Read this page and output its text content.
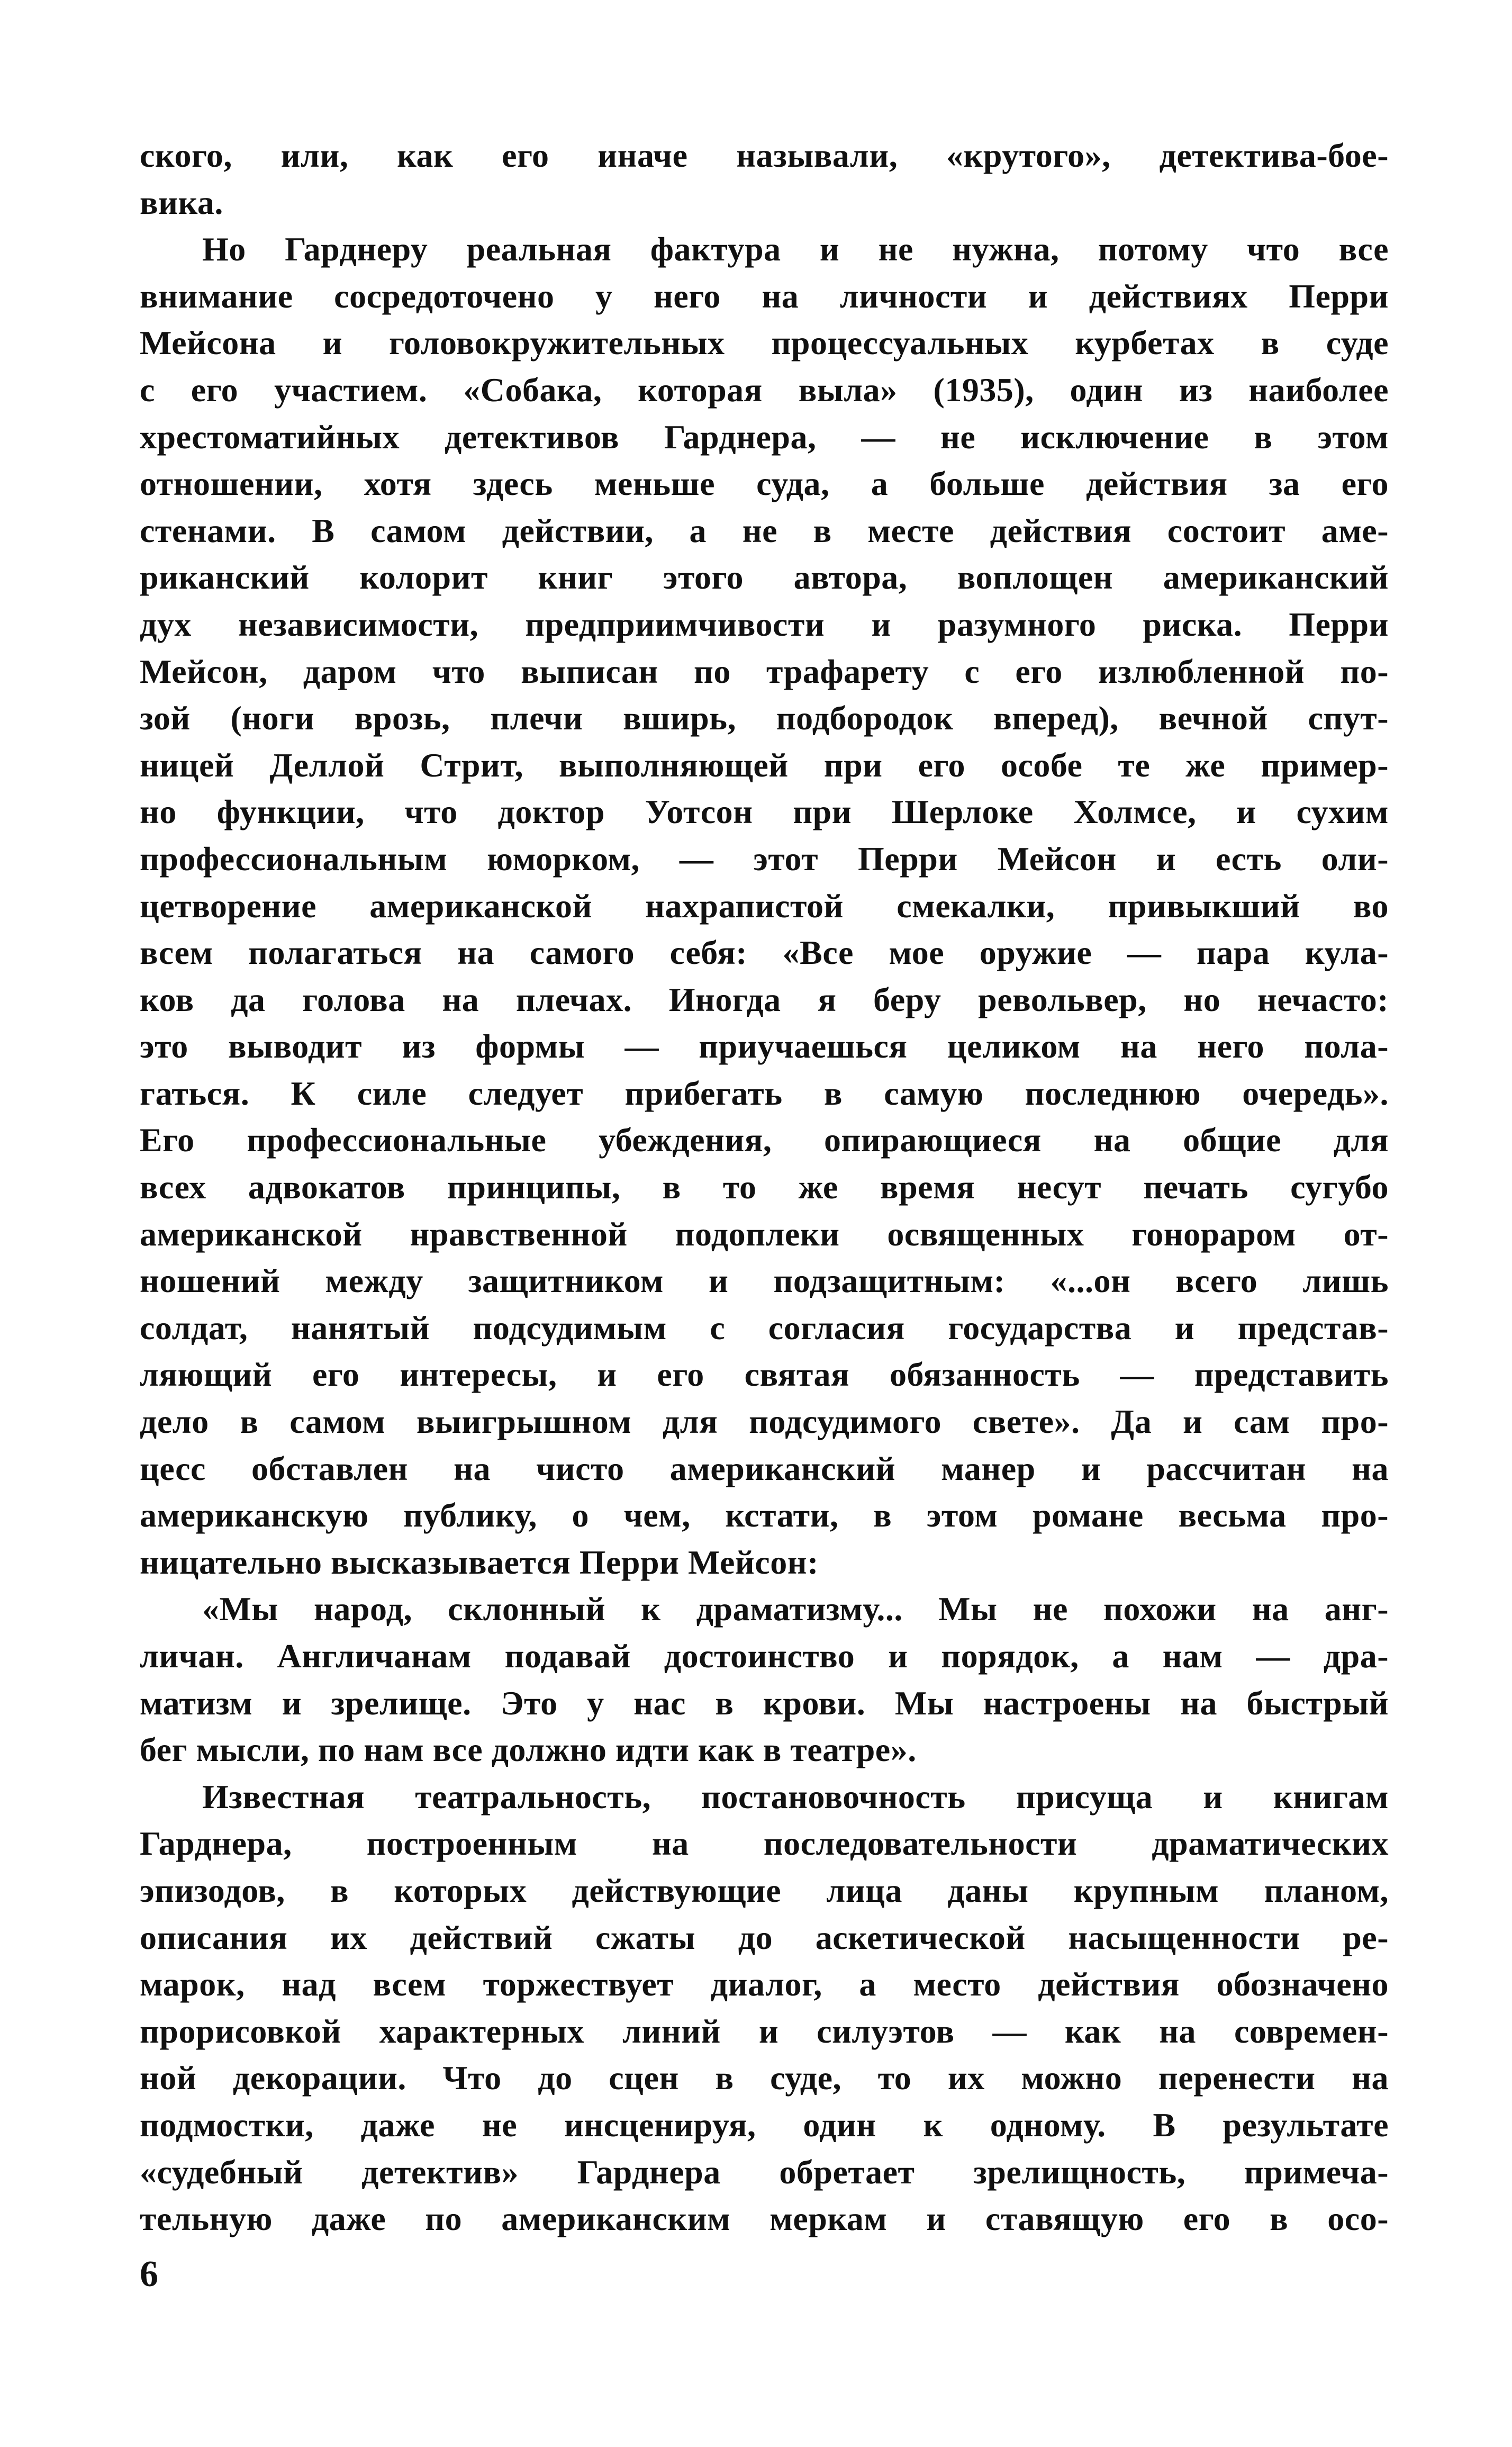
ского, или, как его иначе называли, «крутого», детектива-бое-
вика.
Но Гарднеру реальная фактура и не нужна, потому что все
внимание сосредоточено у него на личности и действиях Перри
Мейсона и головокружительных процессуальных курбетах в суде
с его участием. «Собака, которая выла» (1935), один из наиболее
хрестоматийных детективов Гарднера, — не исключение в этом
отношении, хотя здесь меньше суда, а больше действия за его
стенами. В самом действии, а не в месте действия состоит аме-
риканский колорит книг этого автора, воплощен американский
дух независимости, предприимчивости и разумного риска. Перри
Мейсон, даром что выписан по трафарету с его излюбленной по-
зой (ноги врозь, плечи вширь, подбородок вперед), вечной спут-
ницей Деллой Стрит, выполняющей при его особе те же пример-
но функции, что доктор Уотсон при Шерлоке Холмсе, и сухим
профессиональным юморком, — этот Перри Мейсон и есть оли-
цетворение американской нахрапистой смекалки, привыкший во
всем полагаться на самого себя: «Все мое оружие — пара кула-
ков да голова на плечах. Иногда я беру револьвер, но нечасто:
это выводит из формы — приучаешься целиком на него пола-
гаться. К силе следует прибегать в самую последнюю очередь».
Его профессиональные убеждения, опирающиеся на общие для
всех адвокатов принципы, в то же время несут печать сугубо
американской нравственной подоплеки освященных гонораром от-
ношений между защитником и подзащитным: «...он всего лишь
солдат, нанятый подсудимым с согласия государства и представ-
ляющий его интересы, и его святая обязанность — представить
дело в самом выигрышном для подсудимого свете». Да и сам про-
цесс обставлен на чисто американский манер и рассчитан на
американскую публику, о чем, кстати, в этом романе весьма про-
ницательно высказывается Перри Мейсон:
«Мы народ, склонный к драматизму... Мы не похожи на анг-
личан. Англичанам подавай достоинство и порядок, а нам — дра-
матизм и зрелище. Это у нас в крови. Мы настроены на быстрый
бег мысли, по нам все должно идти как в театре».
Известная театральность, постановочность присуща и книгам
Гарднера, построенным на последовательности драматических
эпизодов, в которых действующие лица даны крупным планом,
описания их действий сжаты до аскетической насыщенности ре-
марок, над всем торжествует диалог, а место действия обозначено
прорисовкой характерных линий и силуэтов — как на современ-
ной декорации. Что до сцен в суде, то их можно перенести на
подмостки, даже не инсценируя, один к одному. В результате
«судебный детектив» Гарднера обретает зрелищность, примеча-
тельную даже по американским меркам и ставящую его в осо-
6
